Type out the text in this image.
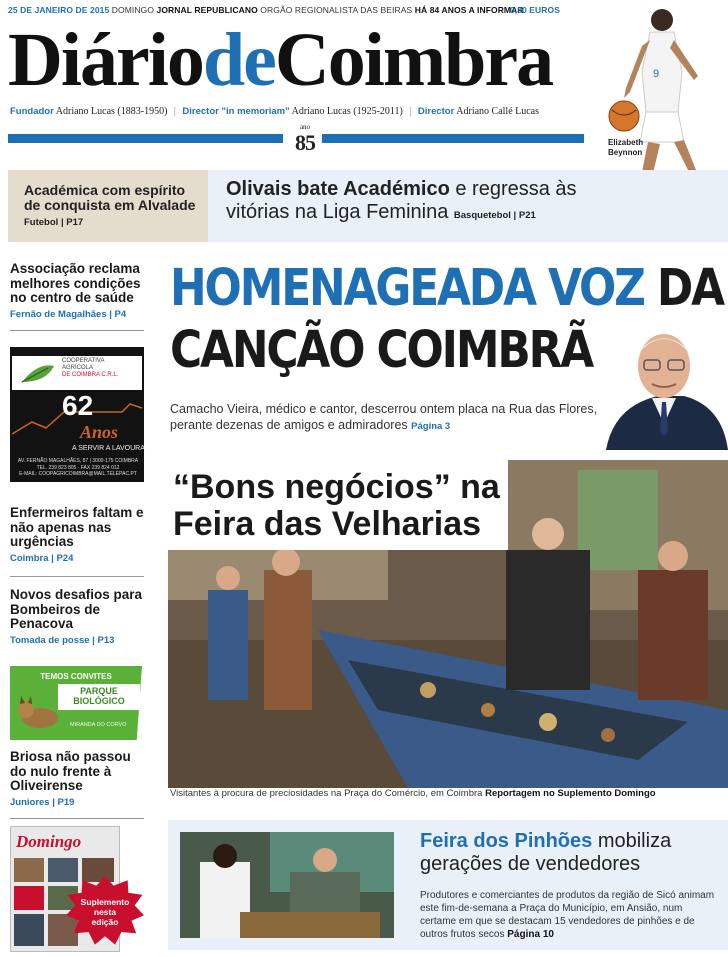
25 DE JANEIRO DE 2015 DOMINGO JORNAL REPUBLICANO ORGÃO REGIONALISTA DAS BEIRAS HÁ 84 ANOS A INFORMAR
0,80 EUROS
DiáriodeCoimbra
Fundador Adriano Lucas (1883-1950) | Director "in memoriam" Adriano Lucas (1925-2011) | Director Adriano Callé Lucas
ano
85
9
Elizabeth
Beynnon
Académica com espírito de conquista em Alvalade Futebol | P17
Olivais bate Académico e regressa às vitórias na Liga Feminina Basquetebol | P21
Associação reclama melhores condições no centro de saúde
Fernão de Magalhães | P4
COOPERATIVA
AGRÍCOLA
DE COIMBRA C.R.L.
62
Anos
A SERVIR A LAVOURA
AV. FERNÃO MAGALHÃES, 87 | 3000-175 COIMBRA
TEL. 239 823 805 · FAX 239 824 012
E-MAIL: COOPAGRICOIMBRA@MAIL.TELEPAC.PT
Enfermeiros faltam e não apenas nas urgências
Coimbra | P24
Novos desafios para Bombeiros de Penacova
Tomada de posse | P13
TEMOS CONVITES
PARQUE
BIOLÓGICO
MIRANDA DO CORVO
Briosa não passou do nulo frente à Oliveirense
Juniores | P19
Domingo
Suplemento
nesta
edição
HOMENAGEADA VOZ DA
CANÇÃO COIMBRÃ
Camacho Vieira, médico e cantor, descerrou ontem placa na Rua das Flores, perante dezenas de amigos e admiradores Página 3
“Bons negócios” na Feira das Velharias
Visitantes à procura de preciosidades na Praça do Comércio, em Coimbra Reportagem no Suplemento Domingo
Feira dos Pinhões mobiliza gerações de vendedores
Produtores e comerciantes de produtos da região de Sicó animam este fim-de-semana a Praça do Município, em Ansião, num certame em que se destacam 15 vendedores de pinhões e de outros frutos secos Página 10
